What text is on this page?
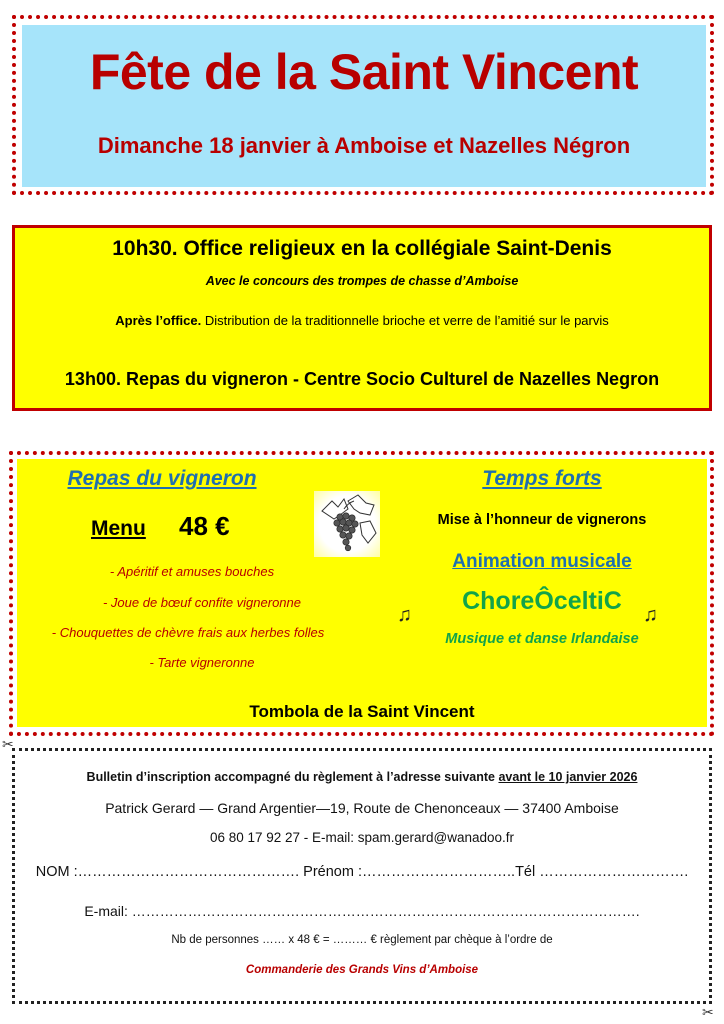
Fête de la Saint Vincent
Dimanche 18 janvier à Amboise et Nazelles Négron
10h30. Office religieux en la collégiale Saint-Denis
Avec le concours des trompes de chasse d’Amboise
Après l’office. Distribution de la traditionnelle brioche et verre de l’amitié sur le parvis
13h00. Repas du vigneron - Centre Socio Culturel de Nazelles Negron
Repas du vigneron
Menu 48 €
- Apéritif et amuses bouches
- Joue de bœuf confite vigneronne
- Chouquettes de chèvre frais aux herbes folles
- Tarte vigneronne
Temps forts
Mise à l’honneur de vignerons
Animation musicale
♫	ChoreÔceltiC	♫
Musique et danse Irlandaise
Tombola de la Saint Vincent
✂
Bulletin d’inscription accompagné du règlement à l’adresse suivante avant le 10 janvier 2026
Patrick Gerard — Grand Argentier—19, Route de Chenonceaux — 37400 Amboise
06 80 17 92 27 - E-mail: spam.gerard@wanadoo.fr
NOM :………………………………………. Prénom :…………………………..Tél ………………………….
E-mail: ……………………………………………………………………………………………….
Nb de personnes …… x 48 € = ……… € règlement par chèque à l’ordre de
Commanderie des Grands Vins d’Amboise
✂
